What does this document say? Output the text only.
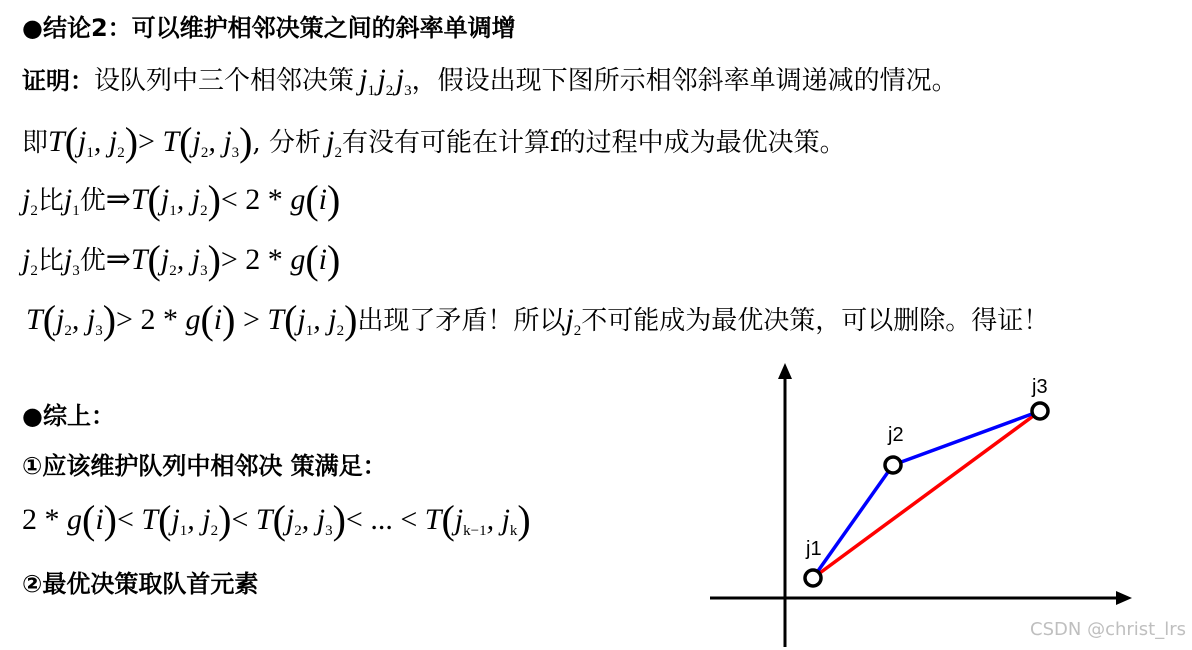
●结论2：可以维护相邻决策之间的斜率单调增
证明：设队列中三个相邻决策 $j_1$ $j_2$ $j_3$，假设出现下图所示相邻斜率单调递减的情况。
即$T(j_1$, $j_2)> T(j_2$, $j_3$), 分析 $j_2$有没有可能在计算f的过程中成为最优决策。
$j_2$比$j_1$优$\Rightarrow T(j_1$, $j_2)< 2 * g(i)$
$j_2$比$j_3$优$\Rightarrow T(j_2$, $j_3)> 2 * g(i)$
$T(j_2$, $j_3)> 2 * g(i) > T(j_1$, $j_2$)出现了矛盾！所以$j_2$不可能成为最优决策，可以删除。得证！
●综上：
①应该维护队列中相邻决 策满足：
$2 * g(i)< T(j_1$, $j_2)< T(j_2$, $j_3)<$ ... < $T(j_{k-1}$, $j_k$)
②最优决策取队首元素
j1
j2
j3
CSDN @christ_lrs
